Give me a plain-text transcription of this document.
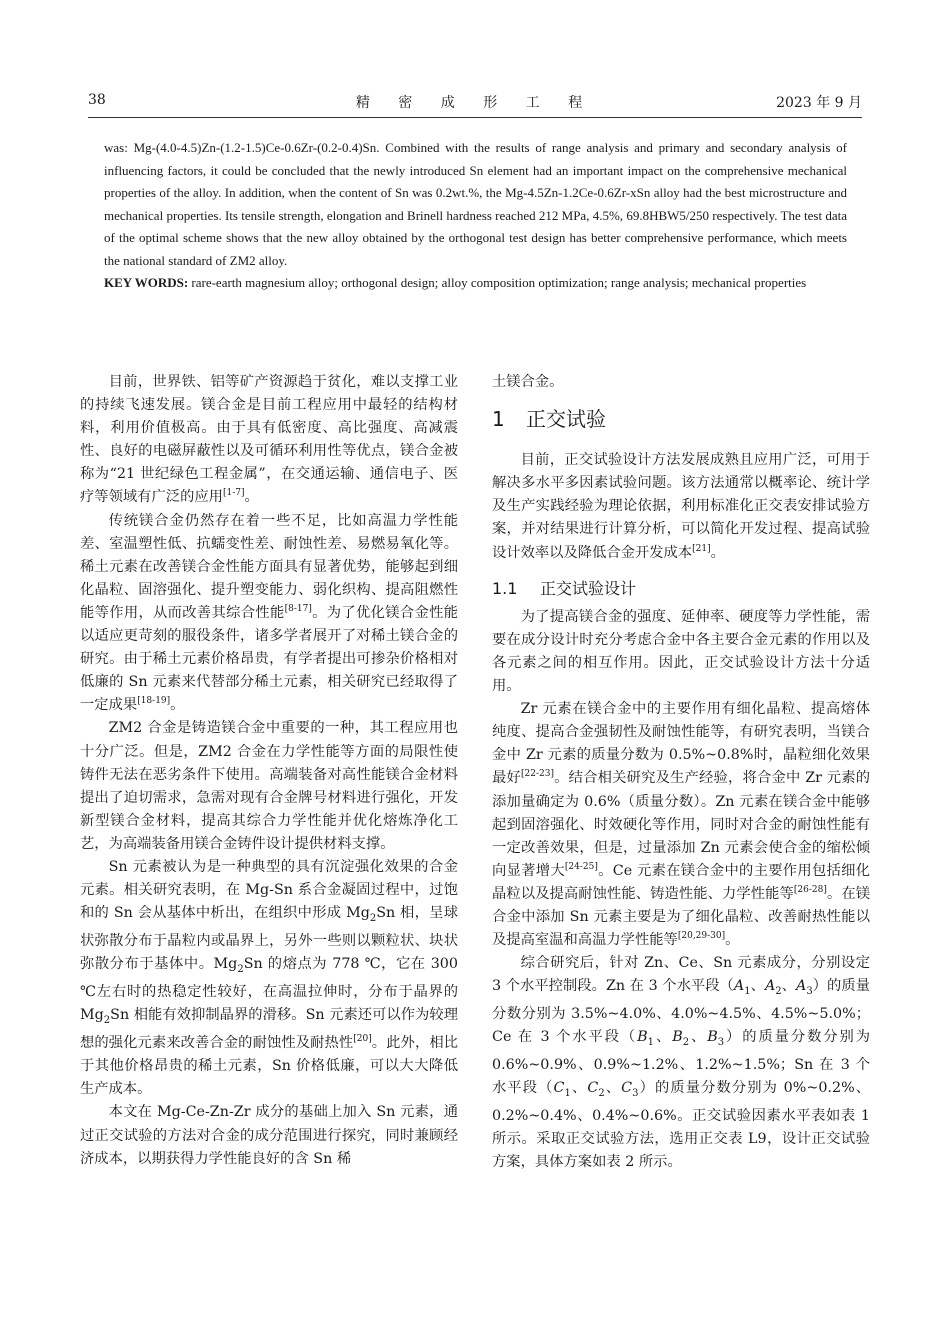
38	精 密 成 形 工 程	2023 年 9 月

was: Mg-(4.0-4.5)Zn-(1.2-1.5)Ce-0.6Zr-(0.2-0.4)Sn. Combined with the results of range analysis and primary and secondary analysis of influencing factors, it could be concluded that the newly introduced Sn element had an important impact on the comprehensive mechanical properties of the alloy. In addition, when the content of Sn was 0.2wt.%, the Mg-4.5Zn-1.2Ce-0.6Zr-xSn alloy had the best microstructure and mechanical properties. Its tensile strength, elongation and Brinell hardness reached 212 MPa, 4.5%, 69.8HBW5/250 respectively. The test data of the optimal scheme shows that the new alloy obtained by the orthogonal test design has better comprehensive performance, which meets the national standard of ZM2 alloy.

KEY WORDS: rare-earth magnesium alloy; orthogonal design; alloy composition optimization; range analysis; mechanical properties

目前，世界铁、铝等矿产资源趋于贫化，难以支撑工业的持续飞速发展。镁合金是目前工程应用中最轻的结构材料，利用价值极高。由于具有低密度、高比强度、高减震性、良好的电磁屏蔽性以及可循环利用性等优点，镁合金被称为“21 世纪绿色工程金属”，在交通运输、通信电子、医疗等领域有广泛的应用[1-7]。

传统镁合金仍然存在着一些不足，比如高温力学性能差、室温塑性低、抗蠕变性差、耐蚀性差、易燃易氧化等。稀土元素在改善镁合金性能方面具有显著优势，能够起到细化晶粒、固溶强化、提升塑变能力、弱化织构、提高阻燃性能等作用，从而改善其综合性能[8-17]。为了优化镁合金性能以适应更苛刻的服役条件，诸多学者展开了对稀土镁合金的研究。由于稀土元素价格昂贵，有学者提出可掺杂价格相对低廉的 Sn 元素来代替部分稀土元素，相关研究已经取得了一定成果[18-19]。

ZM2 合金是铸造镁合金中重要的一种，其工程应用也十分广泛。但是，ZM2 合金在力学性能等方面的局限性使铸件无法在恶劣条件下使用。高端装备对高性能镁合金材料提出了迫切需求，急需对现有合金牌号材料进行强化，开发新型镁合金材料，提高其综合力学性能并优化熔炼净化工艺，为高端装备用镁合金铸件设计提供材料支撑。

Sn 元素被认为是一种典型的具有沉淀强化效果的合金元素。相关研究表明，在 Mg-Sn 系合金凝固过程中，过饱和的 Sn 会从基体中析出，在组织中形成 $Mg_2Sn$ 相，呈球状弥散分布于晶粒内或晶界上，另外一些则以颗粒状、块状弥散分布于基体中。$Mg_2Sn$ 的熔点为 778 ℃，它在 300 ℃左右时的热稳定性较好，在高温拉伸时，分布于晶界的 $Mg_2Sn$ 相能有效抑制晶界的滑移。Sn 元素还可以作为较理想的强化元素来改善合金的耐蚀性及耐热性[20]。此外，相比于其他价格昂贵的稀土元素，Sn 价格低廉，可以大大降低生产成本。

本文在 Mg-Ce-Zn-Zr 成分的基础上加入 Sn 元素，通过正交试验的方法对合金的成分范围进行探究，同时兼顾经济成本，以期获得力学性能良好的含 Sn 稀

土镁合金。

1 正交试验

目前，正交试验设计方法发展成熟且应用广泛，可用于解决多水平多因素试验问题。该方法通常以概率论、统计学及生产实践经验为理论依据，利用标准化正交表安排试验方案，并对结果进行计算分析，可以简化开发过程、提高试验设计效率以及降低合金开发成本[21]。

1.1 正交试验设计

为了提高镁合金的强度、延伸率、硬度等力学性能，需要在成分设计时充分考虑合金中各主要合金元素的作用以及各元素之间的相互作用。因此，正交试验设计方法十分适用。

Zr 元素在镁合金中的主要作用有细化晶粒、提高熔体纯度、提高合金强韧性及耐蚀性能等，有研究表明，当镁合金中 Zr 元素的质量分数为 0.5%~0.8%时，晶粒细化效果最好[22-23]。结合相关研究及生产经验，将合金中 Zr 元素的添加量确定为 0.6%（质量分数）。Zn 元素在镁合金中能够起到固溶强化、时效硬化等作用，同时对合金的耐蚀性能有一定改善效果，但是，过量添加 Zn 元素会使合金的缩松倾向显著增大[24-25]。Ce 元素在镁合金中的主要作用包括细化晶粒以及提高耐蚀性能、铸造性能、力学性能等[26-28]。在镁合金中添加 Sn 元素主要是为了细化晶粒、改善耐热性能以及提高室温和高温力学性能等[20,29-30]。

综合研究后，针对 Zn、Ce、Sn 元素成分，分别设定 3 个水平控制段。Zn 在 3 个水平段（$A_1$、$A_2$、$A_3$）的质量分数分别为 3.5%~4.0%、4.0%~4.5%、4.5%~5.0%；Ce 在 3 个水平段（$B_1$、$B_2$、$B_3$）的质量分数分别为 0.6%~0.9%、0.9%~1.2%、1.2%~1.5%；Sn 在 3 个水平段（$C_1$、$C_2$、$C_3$）的质量分数分别为 0%~0.2%、0.2%~0.4%、0.4%~0.6%。正交试验因素水平表如表 1 所示。采取正交试验方法，选用正交表 L9，设计正交试验方案，具体方案如表 2 所示。
